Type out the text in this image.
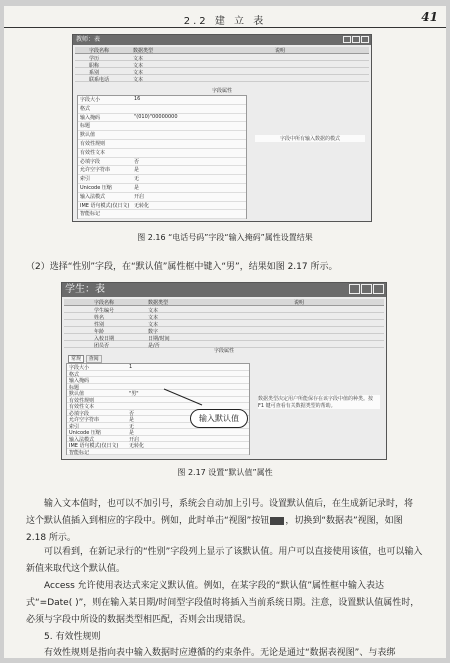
2.2 建 立 表	41
教师：表
字段名称	数据类型	说明
学历	文本
职称	文本
系别	文本
联系电话	文本
字段属性
字段大小	16
格式
输入掩码	"(010)"00000000
标题
默认值
有效性规则
有效性文本
必填字段	否
允许空字符串	是
索引	无
Unicode 压缩	是
输入法模式	开启
IME 语句模式(仅日文) 无转化
智能标记
字段中所有输入数据的模式
图 2.16 “电话号码”字段“输入掩码”属性设置结果
（2）选择“性别”字段，在“默认值”属性框中键入“男”，结果如图 2.17 所示。
学生：表
字段名称	数据类型	说明
学生编号	文本
姓名	文本
性别	文本
年龄	数字
入校日期	日期/时间
团员否	是/否
字段属性
常规 查阅
字段大小	1
格式
输入掩码
标题
默认值	"男"
有效性规则
有效性文本
必填字段	否
允许空字符串	是
索引	无
Unicode 压缩	是
输入法模式	开启
IME 语句模式(仅日文) 无转化
智能标记
数据类型决定用户所能保存在该字段中值的种类。按 F1 键可查看有关数据类型的帮助。
输入默认值
图 2.17 设置“默认值”属性
输入文本值时，也可以不加引号，系统会自动加上引号。设置默认值后，在生成新记录时，将
这个默认值插入到相应的字段中。例如，此时单击“视图”按钮 ，切换到“数据表”视图，如图
2.18 所示。
可以看到，在新记录行的“性别”字段列上显示了该默认值。用户可以直接使用该值，也可以输入新值来取代这个默认值。
Access 允许使用表达式来定义默认值。例如，在某字段的“默认值”属性框中输入表达式“=Date( )”，则在输入某日期/时间型字段值时将插入当前系统日期。注意，设置默认值属性时，必须与字段中所设的数据类型相匹配，否则会出现错误。
5. 有效性规则
有效性规则是指向表中输入数据时应遵循的约束条件。无论是通过“数据表视图”、与表绑
